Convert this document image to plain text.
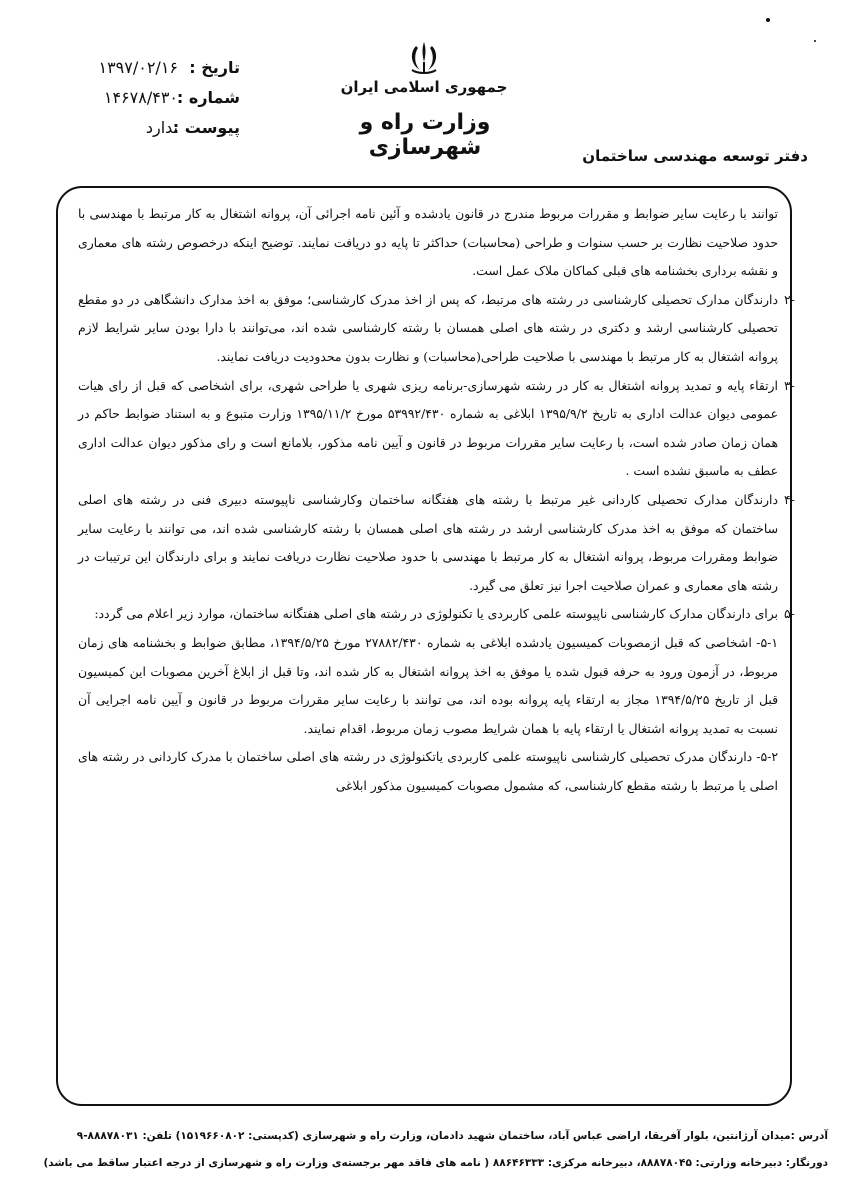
تاریخ :
۱۳۹۷/۰۲/۱۶
شماره :
۱۴۶۷۸/۴۳۰
پیوست :
ندارد
جمهوری اسلامی ایران
وزارت راه و شهرسازی	دفتر توسعه مهندسی ساختمان

توانند با رعایت سایر ضوابط و مقررات مربوط مندرج در قانون یادشده و آئین نامه اجرائی آن، پروانه اشتغال به کار مرتبط با مهندسی با حدود صلاحیت نظارت بر حسب سنوات و طراحی (محاسبات) حداکثر تا پایه دو دریافت نمایند. توضیح اینکه درخصوص رشته های معماری و نقشه برداری بخشنامه های قبلی کماکان ملاک عمل است.

-۲

دارندگان مدارک تحصیلی کارشناسی در رشته های مرتبط، که پس از اخذ مدرک کارشناسی؛ موفق به اخذ مدارک دانشگاهی در دو مقطع تحصیلی کارشناسی ارشد و دکتری در رشته های اصلی همسان با رشته کارشناسی شده اند، می‌توانند با دارا بودن سایر شرایط لازم پروانه اشتغال به کار مرتبط با مهندسی با صلاحیت طراحی(محاسبات) و نظارت بدون محدودیت دریافت نمایند.

-۳

ارتقاء پایه و تمدید پروانه اشتغال به کار در رشته شهرسازی-برنامه ریزی شهری یا طراحی شهری، برای اشخاصی که قبل از رای هیات عمومی دیوان عدالت اداری به تاریخ ۱۳۹۵/۹/۲ ابلاغی به شماره ۵۳۹۹۲/۴۳۰ مورخ ۱۳۹۵/۱۱/۲ وزارت متبوع و به استناد ضوابط حاکم در همان زمان صادر شده است، با رعایت سایر مقررات مربوط در قانون و آیین نامه مذکور، بلامانع است و رای مذکور دیوان عدالت اداری عطف به ماسبق نشده است .

-۴

دارندگان مدارک تحصیلی کاردانی غیر مرتبط با رشته های هفتگانه ساختمان وکارشناسی ناپیوسته دبیری فنی در رشته های اصلی ساختمان که موفق به اخذ مدرک کارشناسی ارشد در رشته های اصلی همسان با رشته کارشناسی شده اند، می توانند با رعایت سایر ضوابط ومقررات مربوط، پروانه اشتغال به کار مرتبط با مهندسی با حدود صلاحیت نظارت دریافت نمایند و برای دارندگان این ترتیبات در رشته های معماری و عمران صلاحیت اجرا نیز تعلق می گیرد.

-۵

برای دارندگان مدارک کارشناسی ناپیوسته علمی کاربردی یا تکنولوژی در رشته های اصلی هفتگانه ساختمان، موارد زیر اعلام می گردد:

۵-۱- اشخاصی که قبل ازمصوبات کمیسیون یادشده ابلاغی به شماره ۲۷۸۸۲/۴۳۰ مورخ ۱۳۹۴/۵/۲۵، مطابق ضوابط و بخشنامه های زمان مربوط، در آزمون ورود به حرفه قبول شده یا موفق به اخذ پروانه اشتغال به کار شده اند، وتا قبل از ابلاغ آخرین مصوبات این کمیسیون قبل از تاریخ ۱۳۹۴/۵/۲۵ مجاز به ارتقاء پایه پروانه بوده اند، می توانند با رعایت سایر مقررات مربوط در قانون و آیین نامه اجرایی آن نسبت به تمدید پروانه اشتغال یا ارتقاء پایه با همان شرایط مصوب زمان مربوط، اقدام نمایند.

۵-۲- دارندگان مدرک تحصیلی کارشناسی ناپیوسته علمی کاربردی یاتکنولوژی در رشته های اصلی ساختمان با مدرک کاردانی در رشته های اصلی یا مرتبط با رشته مقطع کارشناسی، که مشمول مصوبات کمیسیون مذکور ابلاغی

آدرس :میدان آرژانتین، بلوار آفریقا، اراضی عباس آباد، ساختمان شهید دادمان، وزارت راه و شهرسازی (کدپستی: ۱۵۱۹۶۶۰۸۰۲) تلفن: ۸۸۸۷۸۰۳۱-۹
دورنگار: دبیرخانه وزارتی: ۸۸۸۷۸۰۴۵، دبیرخانه مرکزی: ۸۸۶۴۶۳۳۳ ( نامه های فاقد مهر برجسته‌ی وزارت راه و شهرسازی از درجه اعتبار ساقط می باشد)
